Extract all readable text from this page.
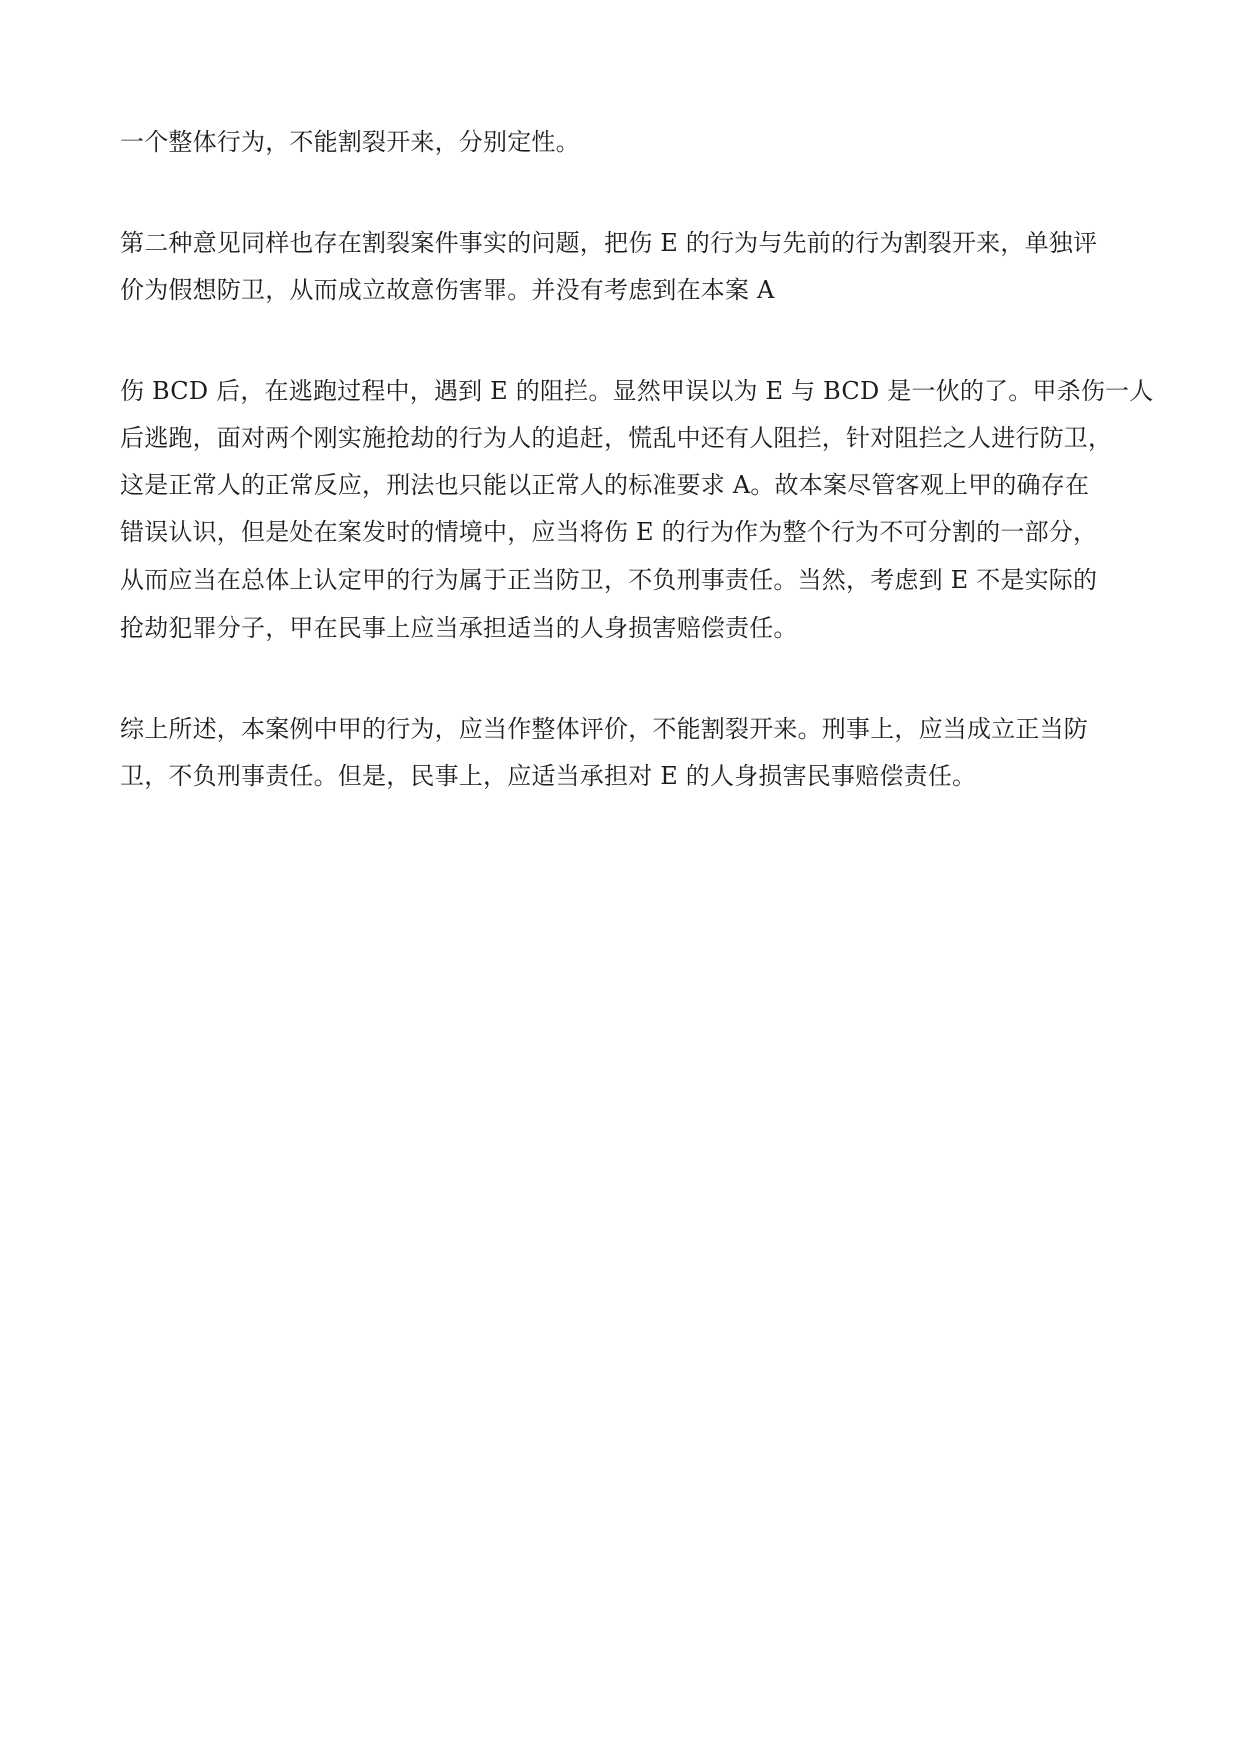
一个整体行为，不能割裂开来，分别定性。
第二种意见同样也存在割裂案件事实的问题，把伤 E 的行为与先前的行为割裂开来，单独评
价为假想防卫，从而成立故意伤害罪。并没有考虑到在本案 A
伤 BCD 后，在逃跑过程中，遇到 E 的阻拦。显然甲误以为 E 与 BCD 是一伙的了。甲杀伤一人
后逃跑，面对两个刚实施抢劫的行为人的追赶，慌乱中还有人阻拦，针对阻拦之人进行防卫，
这是正常人的正常反应，刑法也只能以正常人的标准要求 A。故本案尽管客观上甲的确存在
错误认识，但是处在案发时的情境中，应当将伤 E 的行为作为整个行为不可分割的一部分，
从而应当在总体上认定甲的行为属于正当防卫，不负刑事责任。当然，考虑到 E 不是实际的
抢劫犯罪分子，甲在民事上应当承担适当的人身损害赔偿责任。
综上所述，本案例中甲的行为，应当作整体评价，不能割裂开来。刑事上，应当成立正当防
卫，不负刑事责任。但是，民事上，应适当承担对 E 的人身损害民事赔偿责任。
